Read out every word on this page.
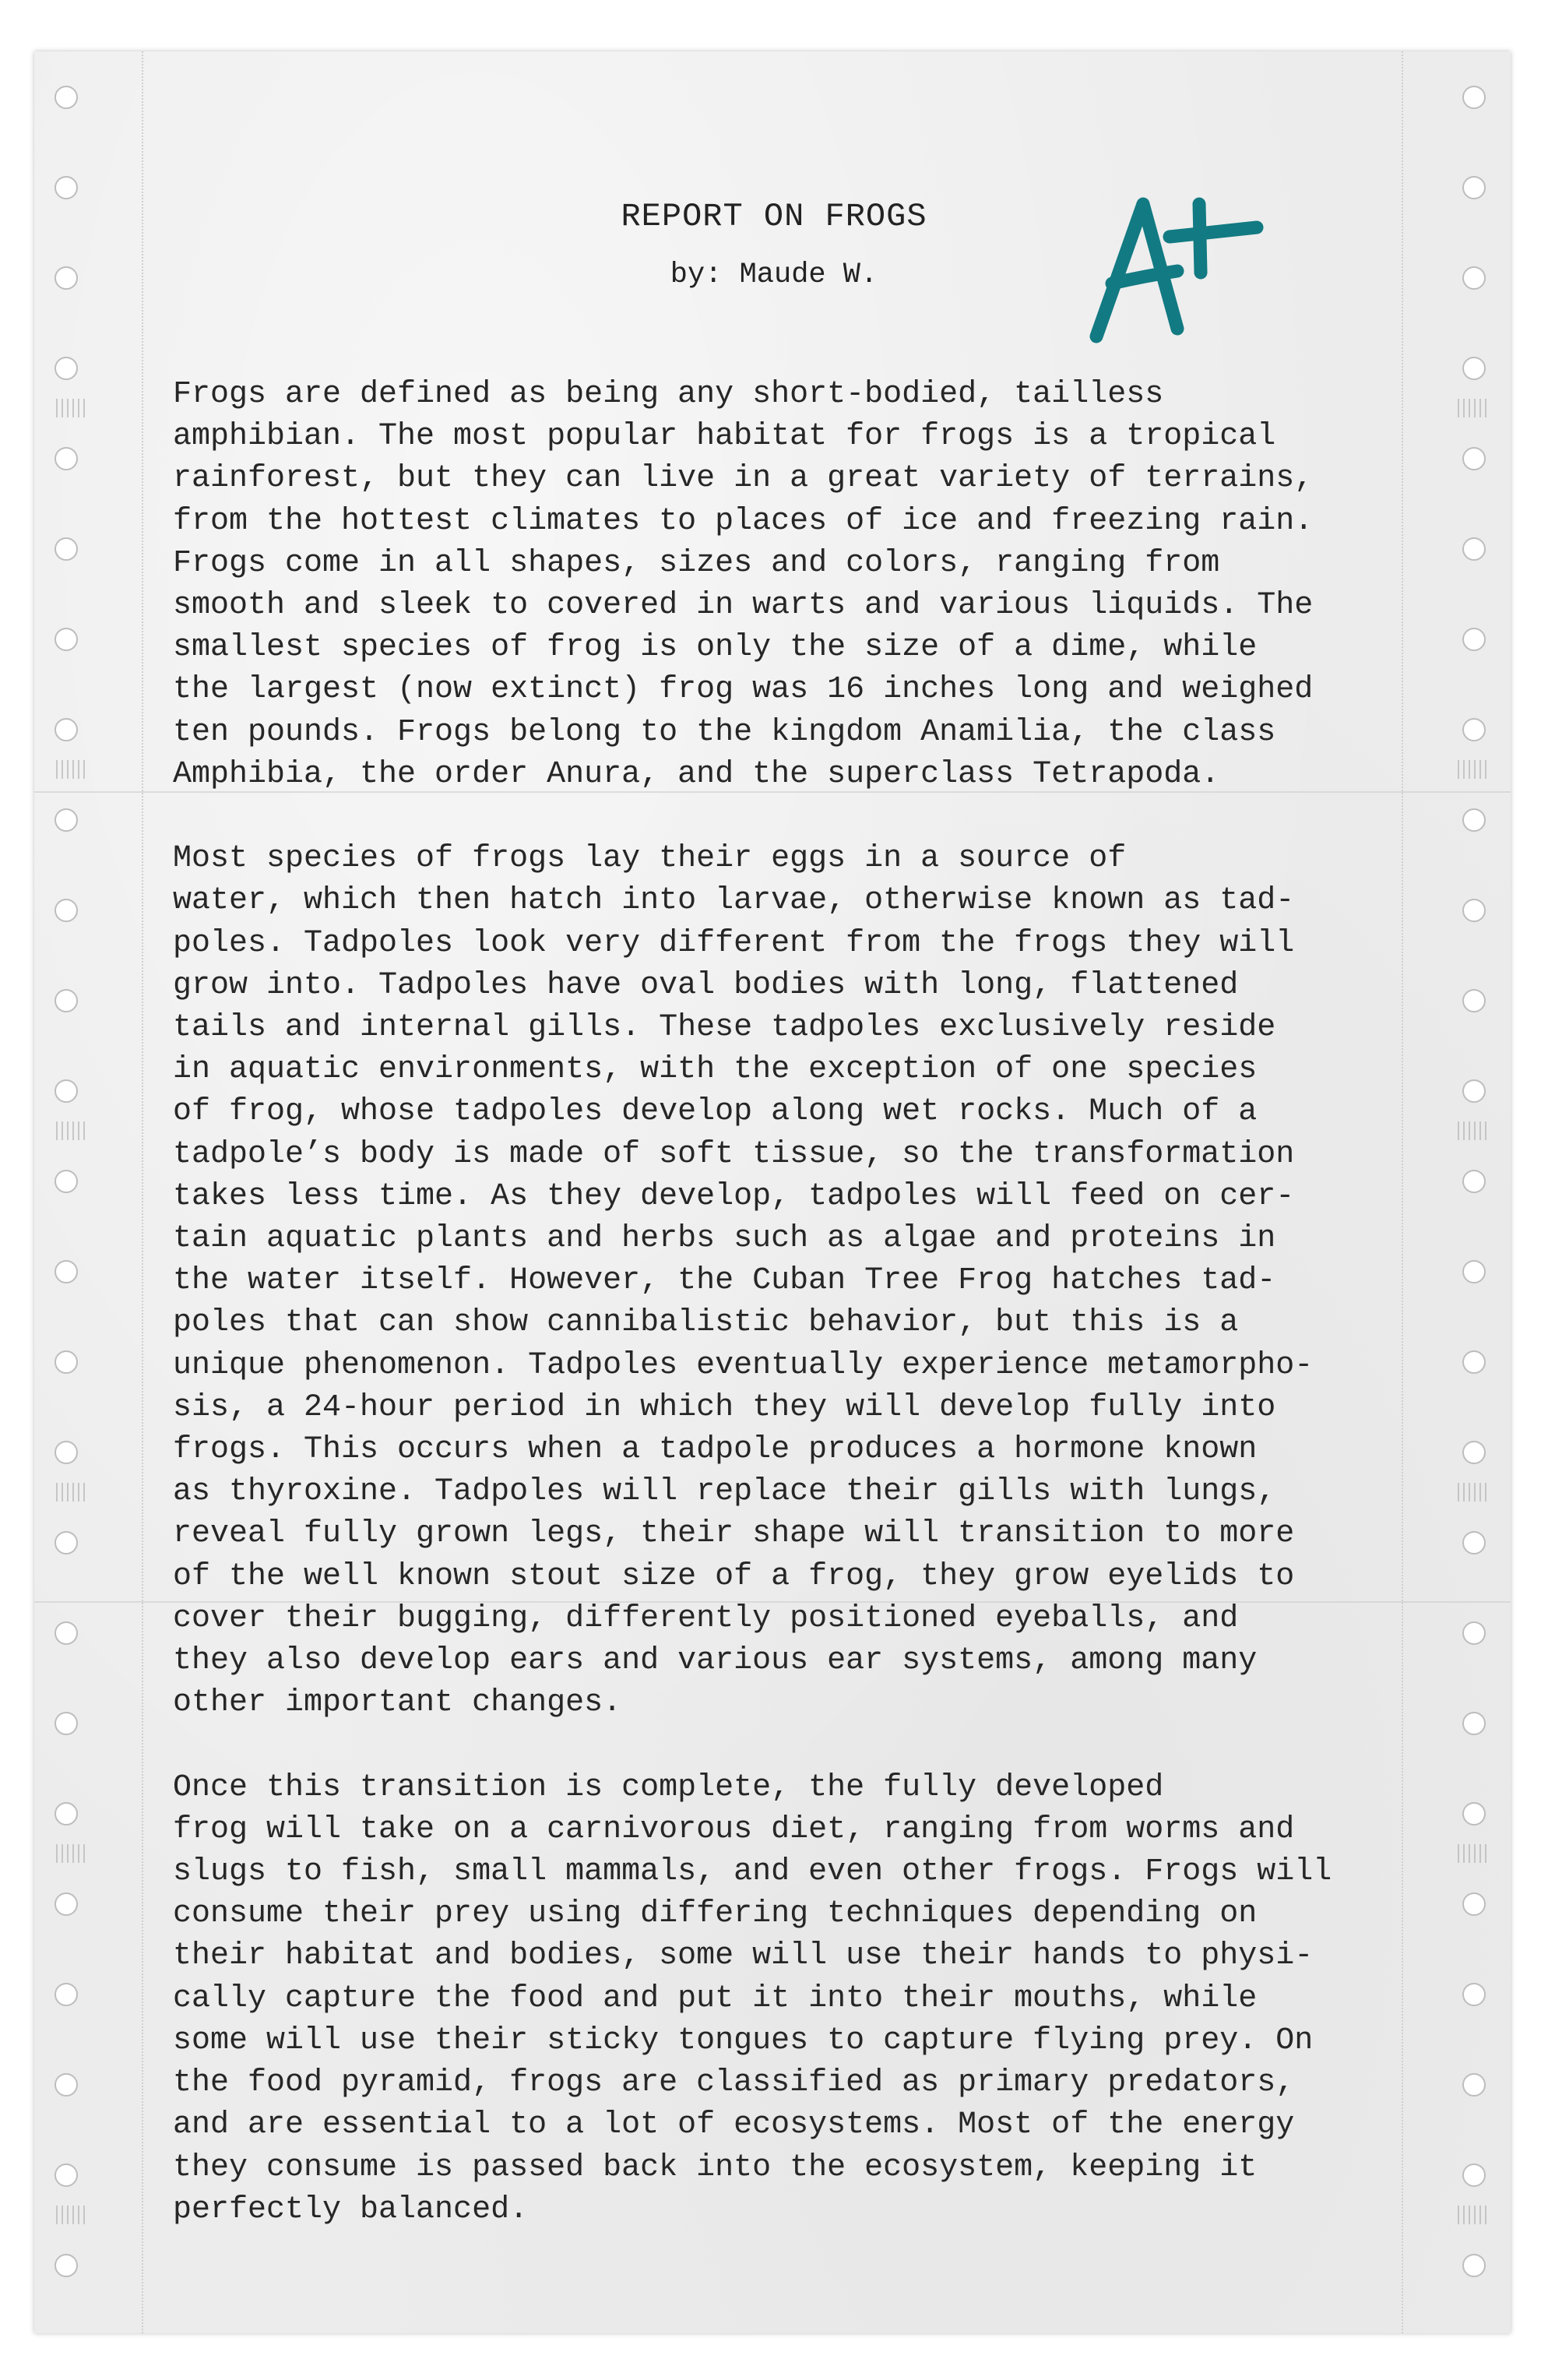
REPORT ON FROGS
by: Maude W.

Frogs are defined as being any short-bodied, tailless
amphibian. The most popular habitat for frogs is a tropical
rainforest, but they can live in a great variety of terrains,
from the hottest climates to places of ice and freezing rain.
Frogs come in all shapes, sizes and colors, ranging from
smooth and sleek to covered in warts and various liquids. The
smallest species of frog is only the size of a dime, while
the largest (now extinct) frog was 16 inches long and weighed
ten pounds. Frogs belong to the kingdom Anamilia, the class
Amphibia, the order Anura, and the superclass Tetrapoda.

Most species of frogs lay their eggs in a source of
water, which then hatch into larvae, otherwise known as tad-
poles. Tadpoles look very different from the frogs they will
grow into. Tadpoles have oval bodies with long, flattened
tails and internal gills. These tadpoles exclusively reside
in aquatic environments, with the exception of one species
of frog, whose tadpoles develop along wet rocks. Much of a
tadpole’s body is made of soft tissue, so the transformation
takes less time. As they develop, tadpoles will feed on cer-
tain aquatic plants and herbs such as algae and proteins in
the water itself. However, the Cuban Tree Frog hatches tad-
poles that can show cannibalistic behavior, but this is a
unique phenomenon. Tadpoles eventually experience metamorpho-
sis, a 24-hour period in which they will develop fully into
frogs. This occurs when a tadpole produces a hormone known
as thyroxine. Tadpoles will replace their gills with lungs,
reveal fully grown legs, their shape will transition to more
of the well known stout size of a frog, they grow eyelids to
cover their bugging, differently positioned eyeballs, and
they also develop ears and various ear systems, among many
other important changes.

Once this transition is complete, the fully developed
frog will take on a carnivorous diet, ranging from worms and
slugs to fish, small mammals, and even other frogs. Frogs will
consume their prey using differing techniques depending on
their habitat and bodies, some will use their hands to physi-
cally capture the food and put it into their mouths, while
some will use their sticky tongues to capture flying prey. On
the food pyramid, frogs are classified as primary predators,
and are essential to a lot of ecosystems. Most of the energy
they consume is passed back into the ecosystem, keeping it
perfectly balanced.
